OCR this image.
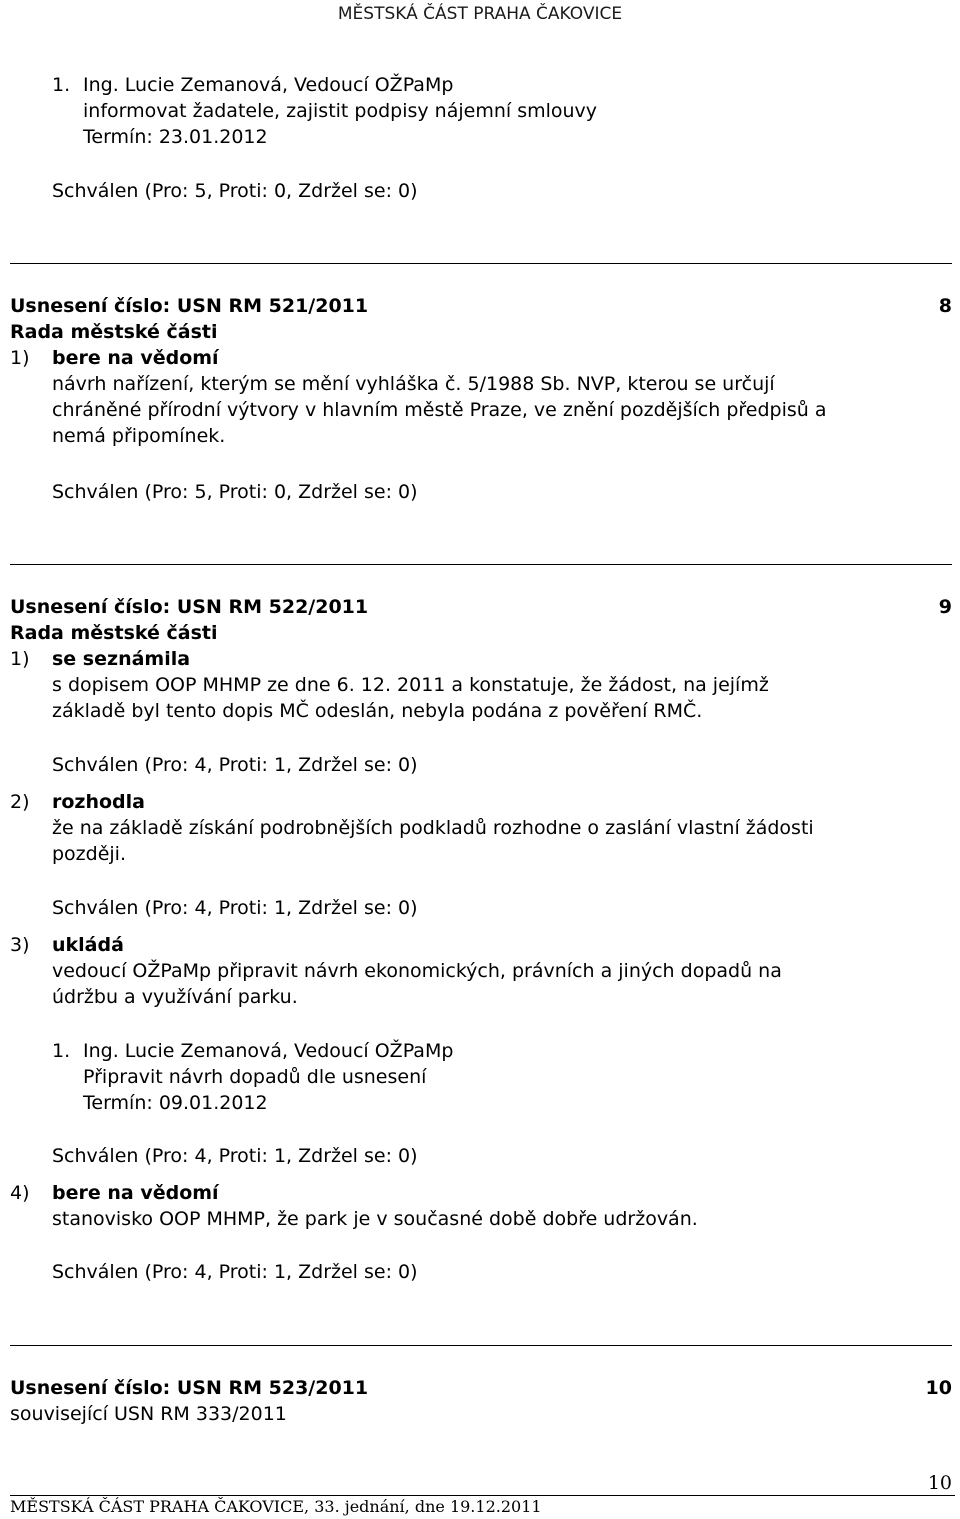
MĚSTSKÁ ČÁST PRAHA ČAKOVICE
1. Ing. Lucie Zemanová, Vedoucí OŽPaMp
informovat žadatele, zajistit podpisy nájemní smlouvy
Termín: 23.01.2012
Schválen (Pro: 5, Proti: 0, Zdržel se: 0)
Usnesení číslo: USN RM 521/2011	8
Rada městské části
1) bere na vědomí
návrh nařízení, kterým se mění vyhláška č. 5/1988 Sb. NVP, kterou se určují
chráněné přírodní výtvory v hlavním městě Praze, ve znění pozdějších předpisů a
nemá připomínek.
Schválen (Pro: 5, Proti: 0, Zdržel se: 0)
Usnesení číslo: USN RM 522/2011	9
Rada městské části
1) se seznámila
s dopisem OOP MHMP ze dne 6. 12. 2011 a konstatuje, že žádost, na jejímž
základě byl tento dopis MČ odeslán, nebyla podána z pověření RMČ.
Schválen (Pro: 4, Proti: 1, Zdržel se: 0)
2) rozhodla
že na základě získání podrobnějších podkladů rozhodne o zaslání vlastní žádosti
později.
Schválen (Pro: 4, Proti: 1, Zdržel se: 0)
3) ukládá
vedoucí OŽPaMp připravit návrh ekonomických, právních a jiných dopadů na
údržbu a využívání parku.
1. Ing. Lucie Zemanová, Vedoucí OŽPaMp
Připravit návrh dopadů dle usnesení
Termín: 09.01.2012
Schválen (Pro: 4, Proti: 1, Zdržel se: 0)
4) bere na vědomí
stanovisko OOP MHMP, že park je v současné době dobře udržován.
Schválen (Pro: 4, Proti: 1, Zdržel se: 0)
Usnesení číslo: USN RM 523/2011	10
související USN RM 333/2011
10
MĚSTSKÁ ČÁST PRAHA ČAKOVICE, 33. jednání, dne 19.12.2011
